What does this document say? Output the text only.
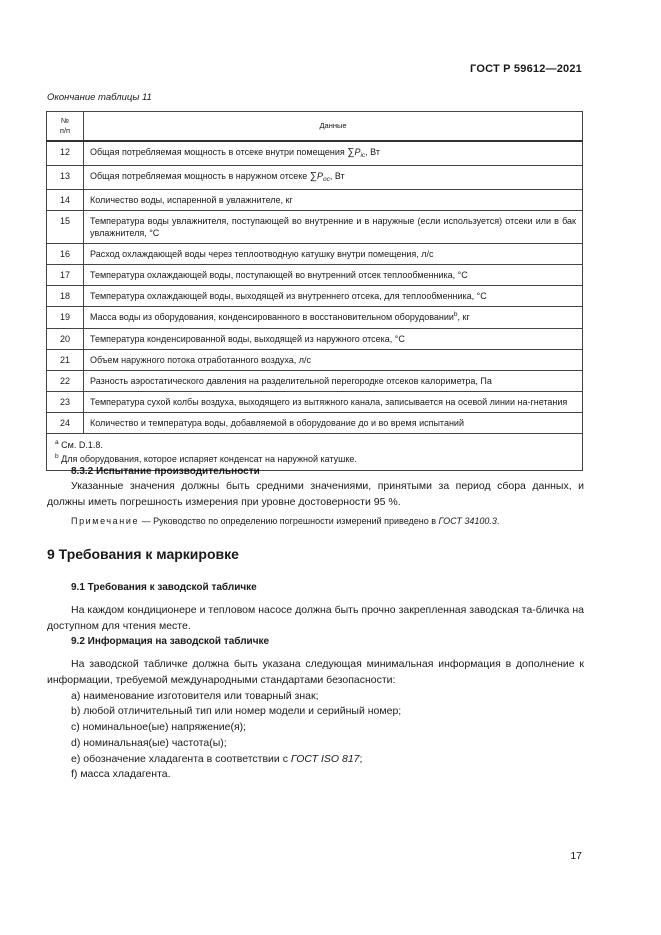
ГОСТ Р 59612—2021
Окончание таблицы 11
№
п/п	Данные
12	Общая потребляемая мощность в отсеке внутри помещения $\sum P_{ic}$, Вт
13	Общая потребляемая мощность в наружном отсеке $\sum P_{oc}$, Вт
14	Количество воды, испаренной в увлажнителе, кг
15	Температура воды увлажнителя, поступающей во внутренние и в наружные (если используется) отсеки или в бак увлажнителя, °С
16	Расход охлаждающей воды через теплоотводную катушку внутри помещения, л/с
17	Температура охлаждающей воды, поступающей во внутренний отсек теплообменника, °С
18	Температура охлаждающей воды, выходящей из внутреннего отсека, для теплообменника, °С
19	Масса воды из оборудования, конденсированного в восстановительном оборудовании$^b$, кг
20	Температура конденсированной воды, выходящей из наружного отсека, °С
21	Объем наружного потока отработанного воздуха, л/с
22	Разность аэростатического давления на разделительной перегородке отсеков калориметра, Па
23	Температура сухой колбы воздуха, выходящего из вытяжного канала, записывается на осевой линии на-гнетания
24	Количество и температура воды, добавляемой в оборудование до и во время испытаний

$^a$ См. D.1.8.
$^b$ Для оборудования, которое испаряет конденсат на наружной катушке.	
8.3.2 Испытание производительности

Указанные значения должны быть средними значениями, принятыми за период сбора данных, и должны иметь погрешность измерения при уровне достоверности 95 %.

Примечание — Руководство по определению погрешности измерений приведено в ГОСТ 34100.3.

9 Требования к маркировке
9.1 Требования к заводской табличке

На каждом кондиционере и тепловом насосе должна быть прочно закрепленная заводская та-бличка на доступном для чтения месте.

9.2 Информация на заводской табличке

На заводской табличке должна быть указана следующая минимальная информация в дополнение к информации, требуемой международными стандартами безопасности:

а) наименование изготовителя или товарный знак;
b) любой отличительный тип или номер модели и серийный номер;
c) номинальное(ые) напряжение(я);
d) номинальная(ые) частота(ы);
e) обозначение хладагента в соответствии с ГОСТ ISO 817;
f) масса хладагента.
17
